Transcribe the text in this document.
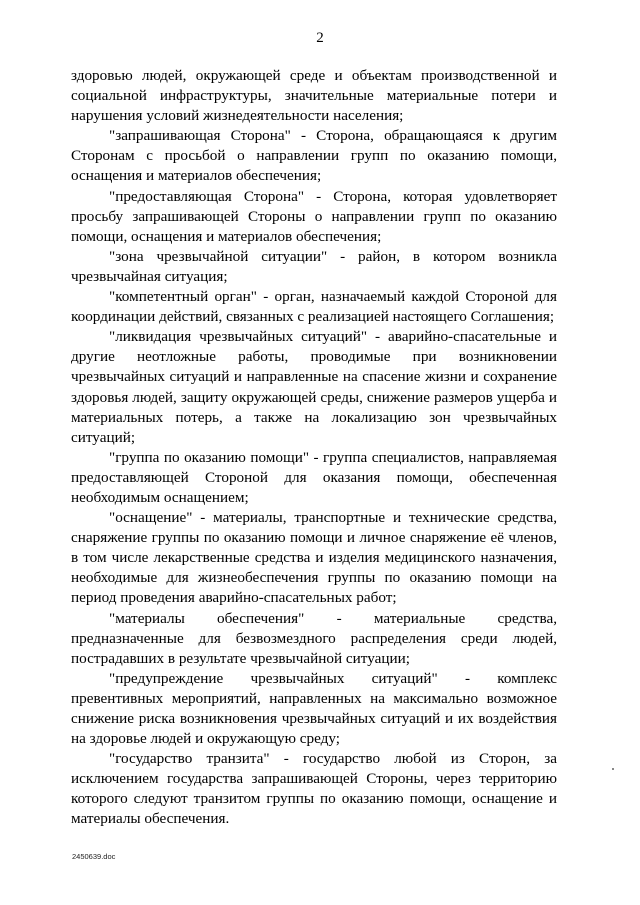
2

здоровью людей, окружающей среде и объектам производственной и социальной инфраструктуры, значительные материальные потери и нарушения условий жизнедеятельности населения;

"запрашивающая Сторона" - Сторона, обращающаяся к другим Сторонам с просьбой о направлении групп по оказанию помощи, оснащения и материалов обеспечения;

"предоставляющая Сторона" - Сторона, которая удовлетворяет просьбу запрашивающей Стороны о направлении групп по оказанию помощи, оснащения и материалов обеспечения;

"зона чрезвычайной ситуации" - район, в котором возникла чрезвычайная ситуация;

"компетентный орган" - орган, назначаемый каждой Стороной для координации действий, связанных с реализацией настоящего Соглашения;

"ликвидация чрезвычайных ситуаций" - аварийно-спасательные и другие неотложные работы, проводимые при возникновении чрезвычайных ситуаций и направленные на спасение жизни и сохранение здоровья людей, защиту окружающей среды, снижение размеров ущерба и материальных потерь, а также на локализацию зон чрезвычайных ситуаций;

"группа по оказанию помощи" - группа специалистов, направляемая предоставляющей Стороной для оказания помощи, обеспеченная необходимым оснащением;

"оснащение" - материалы, транспортные и технические средства, снаряжение группы по оказанию помощи и личное снаряжение её членов, в том числе лекарственные средства и изделия медицинского назначения, необходимые для жизнеобеспечения группы по оказанию помощи на период проведения аварийно-спасательных работ;

"материалы обеспечения" - материальные средства, предназначенные для безвозмездного распределения среди людей, пострадавших в результате чрезвычайной ситуации;

"предупреждение чрезвычайных ситуаций" - комплекс превентивных мероприятий, направленных на максимально возможное снижение риска возникновения чрезвычайных ситуаций и их воздействия на здоровье людей и окружающую среду;

"государство транзита" - государство любой из Сторон, за исключением государства запрашивающей Стороны, через территорию которого следуют транзитом группы по оказанию помощи, оснащение и материалы обеспечения.

2450639.doc
